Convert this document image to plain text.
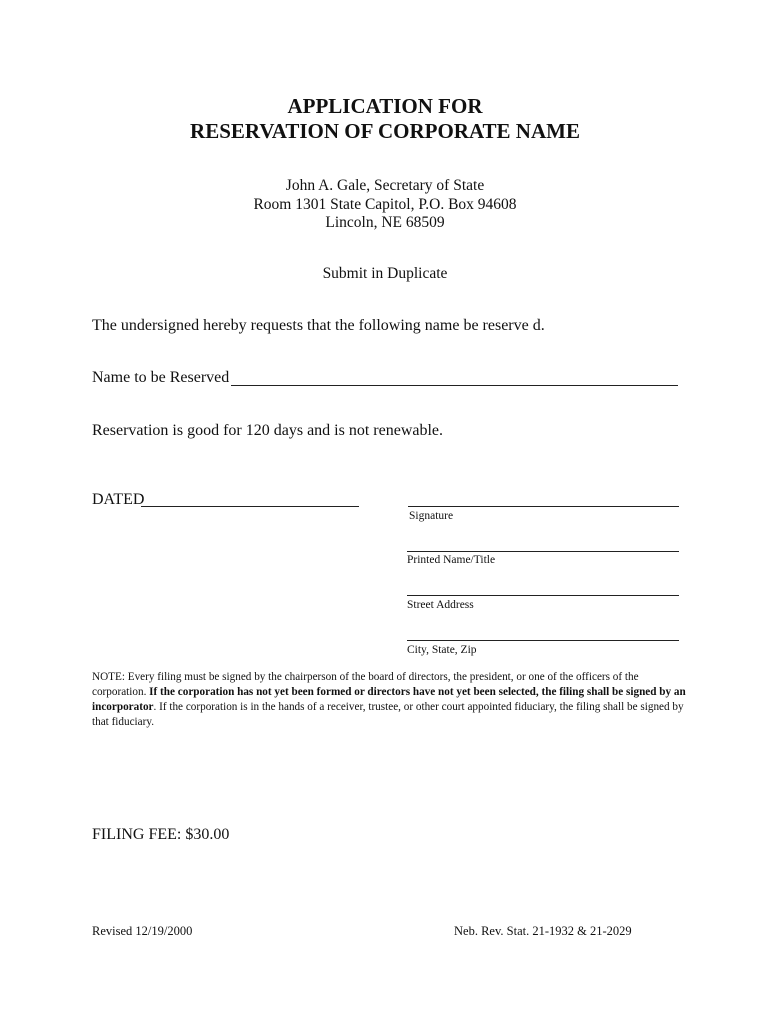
APPLICATION FOR
RESERVATION OF CORPORATE NAME
John A. Gale, Secretary of State
Room 1301 State Capitol, P.O. Box 94608
Lincoln, NE 68509
Submit in Duplicate
The undersigned hereby requests that the following name be reserve d.
Name to be Reserved
Reservation is good for 120 days and is not renewable.
DATED
Signature
Printed Name/Title
Street Address
City, State, Zip
NOTE: Every filing must be signed by the chairperson of the board of directors, the president, or one of the officers of the corporation. If the corporation has not yet been formed or directors have not yet been selected, the filing shall be signed by an incorporator. If the corporation is in the hands of a receiver, trustee, or other court appointed fiduciary, the filing shall be signed by that fiduciary.
FILING FEE: $30.00
Revised 12/19/2000	Neb. Rev. Stat. 21-1932 & 21-2029
